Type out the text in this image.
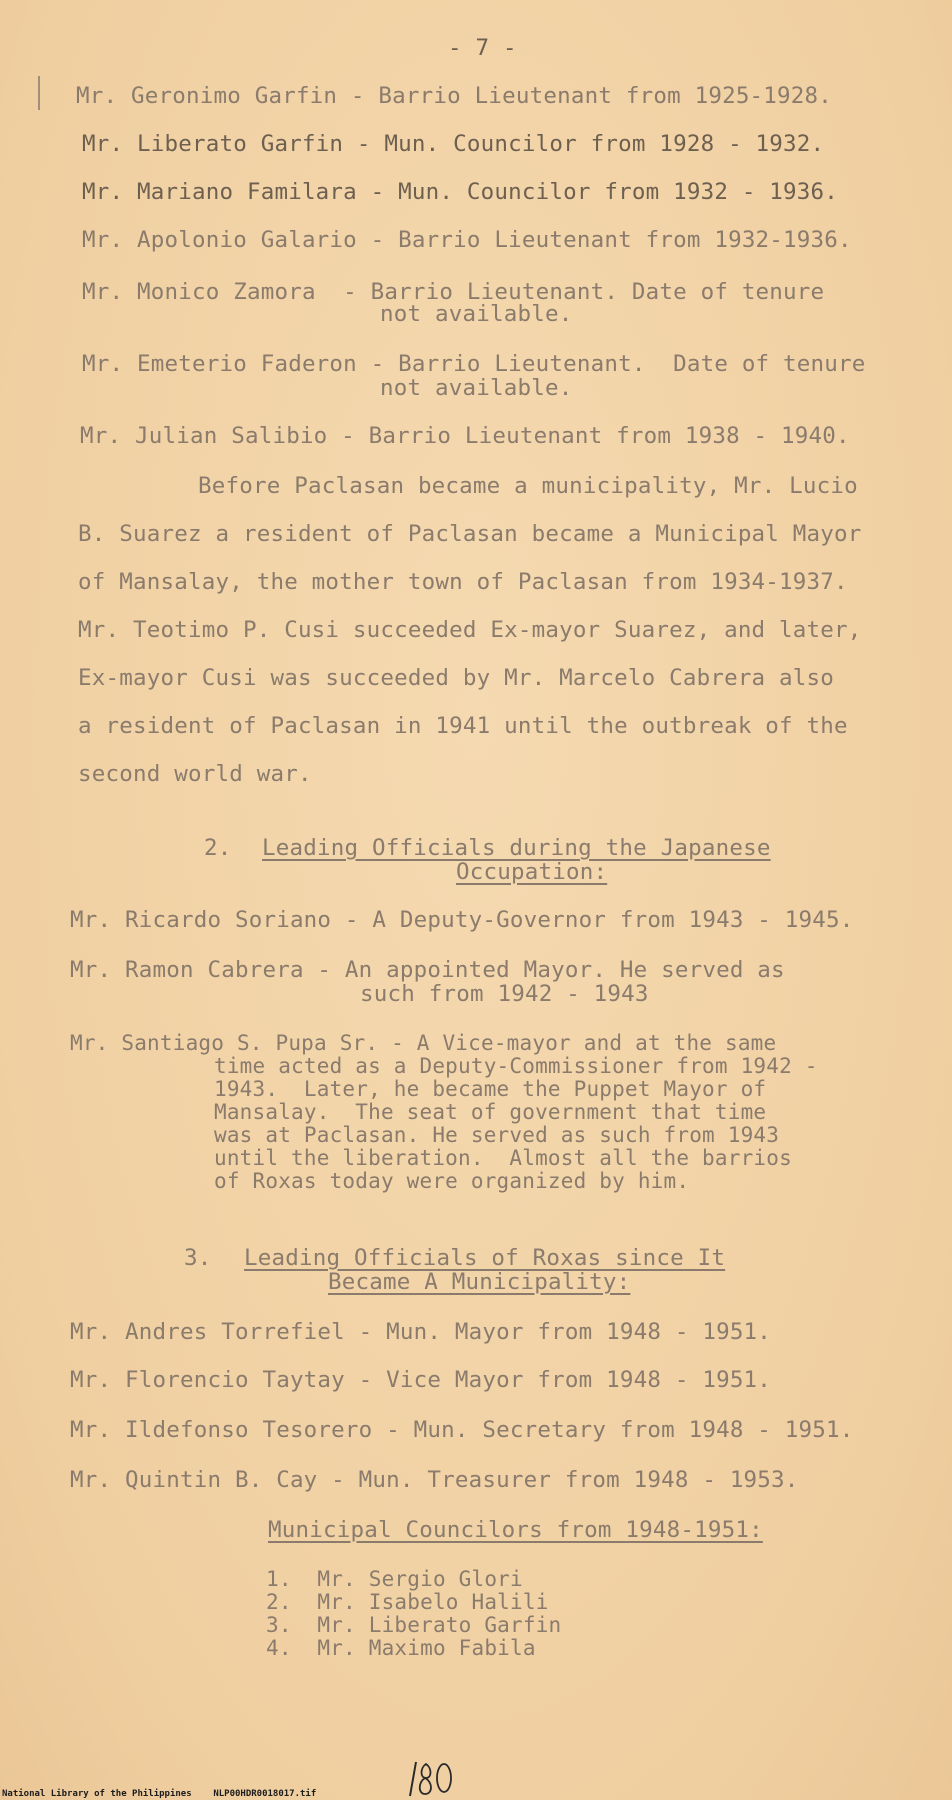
- 7 -
Mr. Geronimo Garfin - Barrio Lieutenant from 1925-1928.
Mr. Liberato Garfin - Mun. Councilor from 1928 - 1932.
Mr. Mariano Familara - Mun. Councilor from 1932 - 1936.
Mr. Apolonio Galario - Barrio Lieutenant from 1932-1936.
Mr. Monico Zamora  - Barrio Lieutenant. Date of tenure
not available.
Mr. Emeterio Faderon - Barrio Lieutenant.  Date of tenure
not available.
Mr. Julian Salibio - Barrio Lieutenant from 1938 - 1940.
Before Paclasan became a municipality, Mr. Lucio
B. Suarez a resident of Paclasan became a Municipal Mayor
of Mansalay, the mother town of Paclasan from 1934-1937.
Mr. Teotimo P. Cusi succeeded Ex-mayor Suarez, and later,
Ex-mayor Cusi was succeeded by Mr. Marcelo Cabrera also
a resident of Paclasan in 1941 until the outbreak of the
second world war.
2. Leading Officials during the Japanese
Occupation:
Mr. Ricardo Soriano - A Deputy-Governor from 1943 - 1945.
Mr. Ramon Cabrera - An appointed Mayor. He served as
such from 1942 - 1943
Mr. Santiago S. Pupa Sr. - A Vice-mayor and at the same
time acted as a Deputy-Commissioner from 1942 -
1943.  Later, he became the Puppet Mayor of
Mansalay.  The seat of government that time
was at Paclasan. He served as such from 1943
until the liberation.  Almost all the barrios
of Roxas today were organized by him.
3. Leading Officials of Roxas since It
Became A Municipality:
Mr. Andres Torrefiel - Mun. Mayor from 1948 - 1951.
Mr. Florencio Taytay - Vice Mayor from 1948 - 1951.
Mr. Ildefonso Tesorero - Mun. Secretary from 1948 - 1951.
Mr. Quintin B. Cay - Mun. Treasurer from 1948 - 1953.
Municipal Councilors from 1948-1951:
1.  Mr. Sergio Glori
2.  Mr. Isabelo Halili
3.  Mr. Liberato Garfin
4.  Mr. Maximo Fabila
National Library of the Philippines    NLP00HDR0018017.tif
